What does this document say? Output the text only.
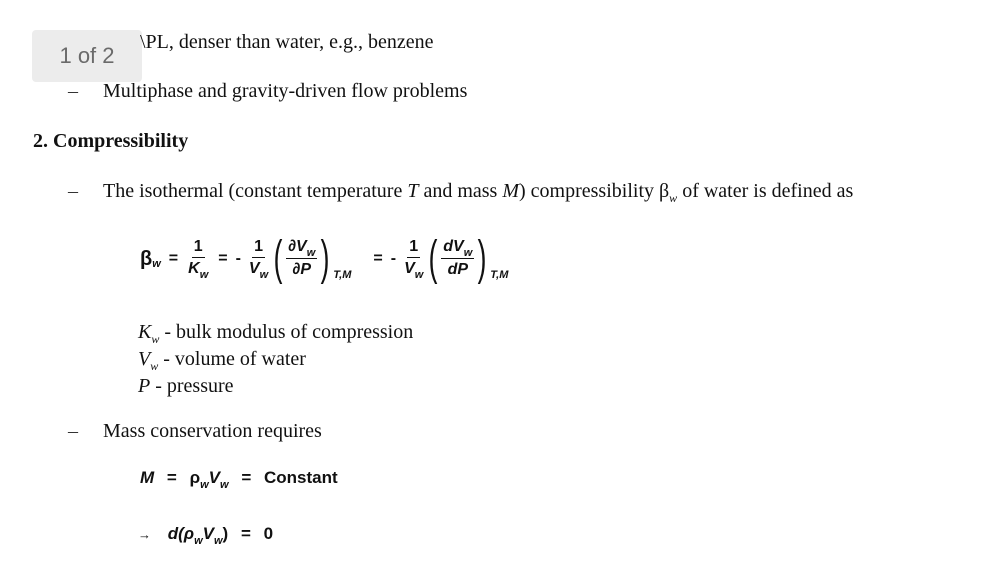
1 of 2
\PL, denser than water, e.g., benzene
– Multiphase and gravity-driven flow problems
2. Compressibility
– The isothermal (constant temperature T and mass M) compressibility $\beta_w$ of water is defined as
β $w = \frac{1}{K_w}$ = - $\frac{1}{V_w}$ ( $\frac{\partial V_w}{\partial P}$ ) T,M
= - $\frac{1}{V_w}$ ( $\frac{dV_w}{dP}$ ) T,M
$K_w$ - bulk modulus of compression
$V_w$ - volume of water
P - pressure
– Mass conservation requires
$M = \rho_wV_w$ = Constant
→ $d(\rho_wV_w) = 0$
